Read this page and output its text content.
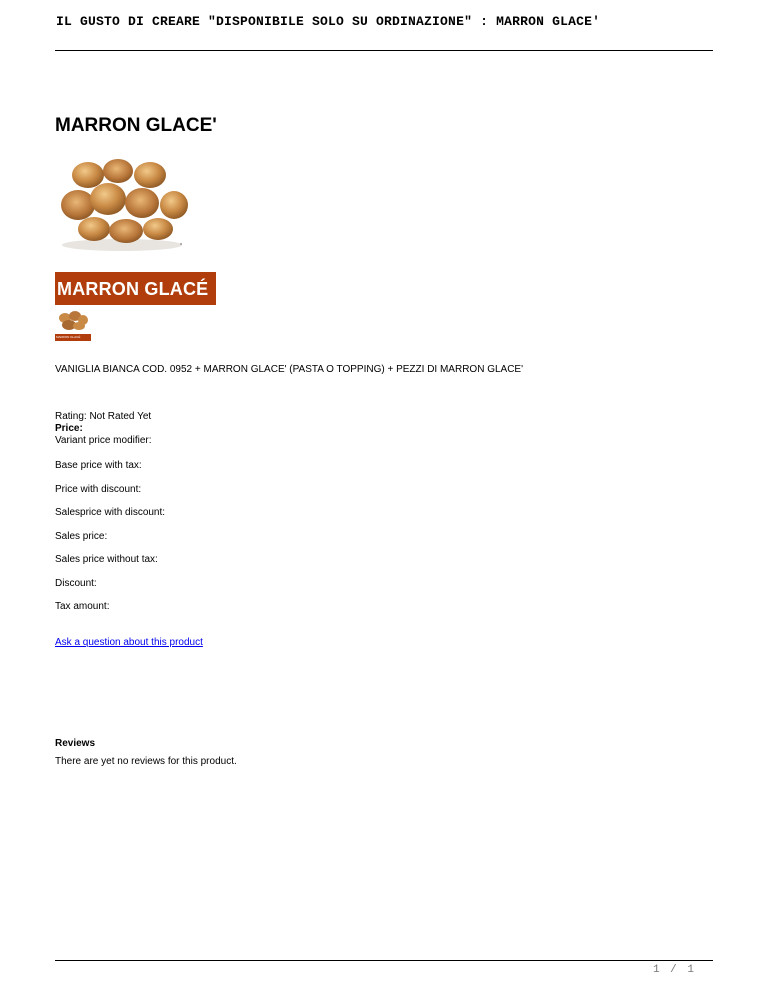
IL GUSTO DI CREARE "DISPONIBILE SOLO SU ORDINAZIONE" : MARRON GLACE'
MARRON GLACE'
MARRON GLACÉ
MARRON GLACÉ
VANIGLIA BIANCA COD. 0952 + MARRON GLACE' (PASTA O TOPPING) + PEZZI DI MARRON GLACE'
Rating: Not Rated Yet
Price:
Variant price modifier:
Base price with tax:
Price with discount:
Salesprice with discount:
Sales price:
Sales price without tax:
Discount:
Tax amount:
Ask a question about this product
Reviews
There are yet no reviews for this product.
1 / 1
